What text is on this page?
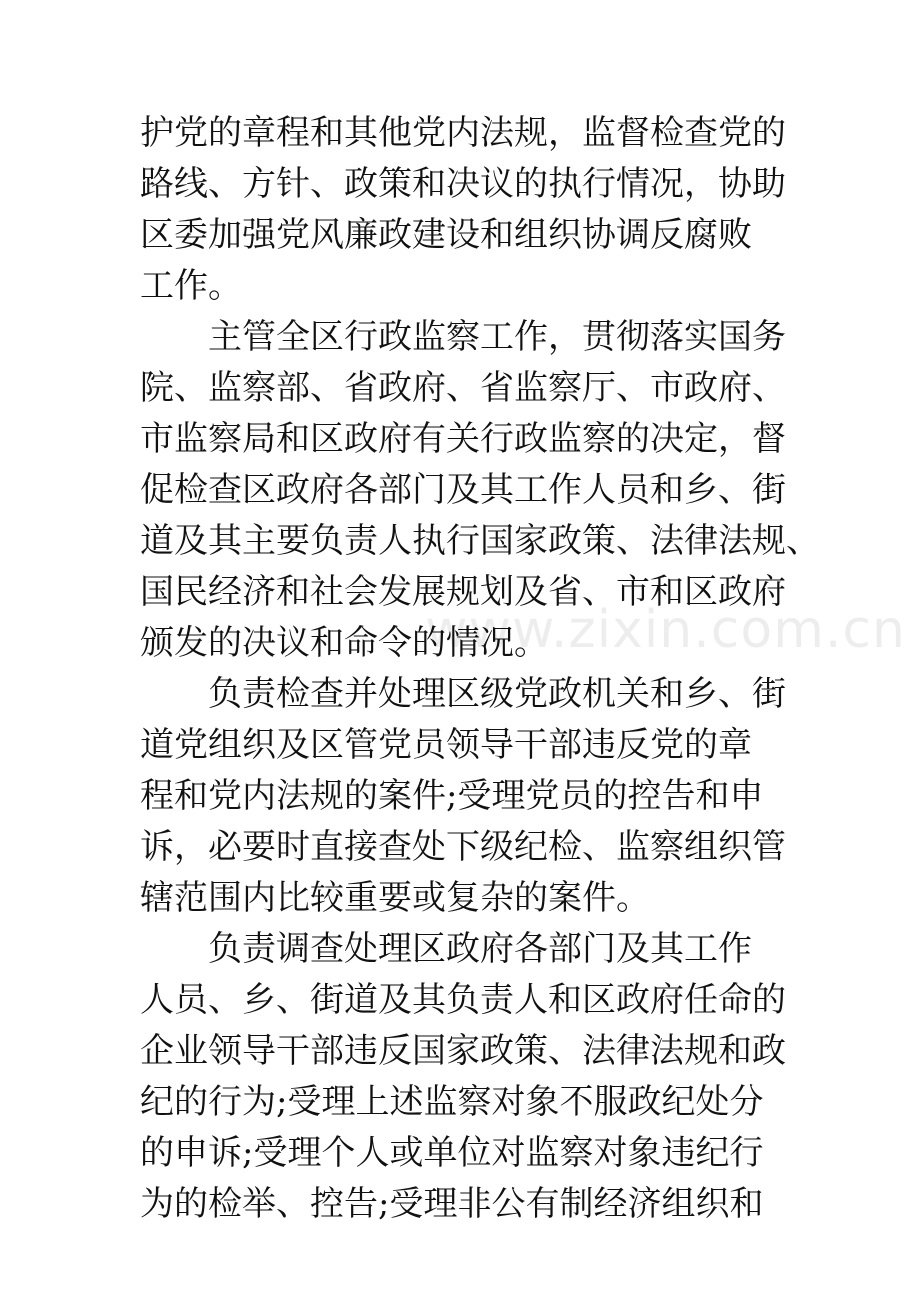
护党的章程和其他党内法规，监督检查党的
路线、方针、政策和决议的执行情况，协助
区委加强党风廉政建设和组织协调反腐败
工作。
主管全区行政监察工作，贯彻落实国务
院、监察部、省政府、省监察厅、市政府、
市监察局和区政府有关行政监察的决定，督
促检查区政府各部门及其工作人员和乡、街
道及其主要负责人执行国家政策、法律法规、
国民经济和社会发展规划及省、市和区政府
颁发的决议和命令的情况。
负责检查并处理区级党政机关和乡、街
道党组织及区管党员领导干部违反党的章
程和党内法规的案件;受理党员的控告和申
诉，必要时直接查处下级纪检、监察组织管
辖范围内比较重要或复杂的案件。
负责调查处理区政府各部门及其工作
人员、乡、街道及其负责人和区政府任命的
企业领导干部违反国家政策、法律法规和政
纪的行为;受理上述监察对象不服政纪处分
的申诉;受理个人或单位对监察对象违纪行
为的检举、控告;受理非公有制经济组织和
www.zixin.com.cn
